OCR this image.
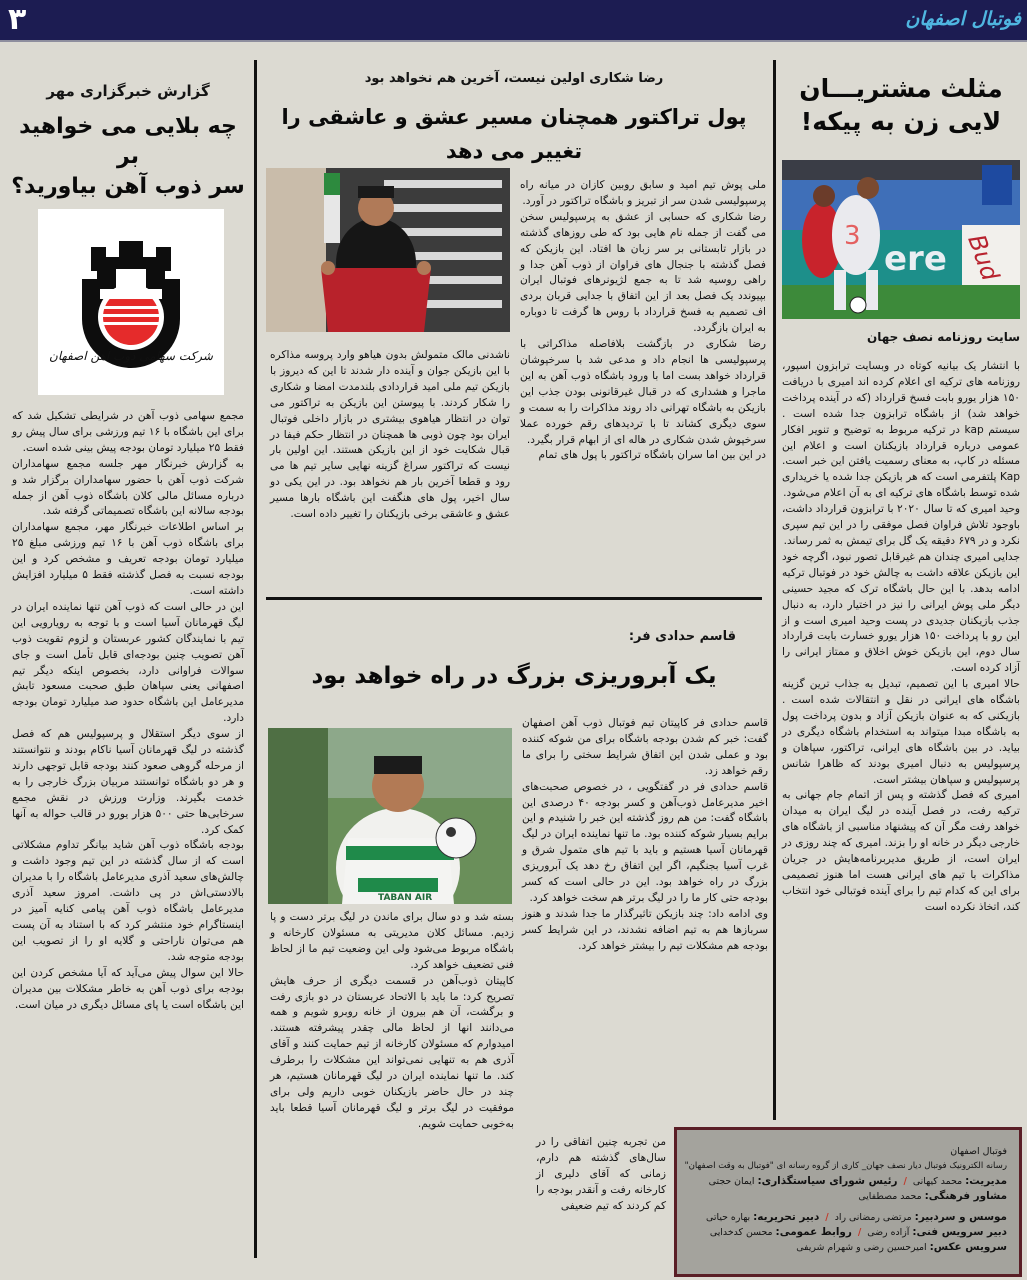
۳	فوتبال اصفهان
مثلث مشتریـــان
لایی زن به پیکه!
Bud
3
ere
سایت روزنامه نصف جهان

با انتشار یک بیانیه کوتاه در وبسایت ترابزون اسپور، روزنامه های ترکیه ای اعلام کرده اند امیری با دریافت ۱۵۰ هزار یورو بابت فسخ قرارداد (که در آینده پرداخت خواهد شد) از باشگاه ترابزون جدا شده است . سیستم kap در ترکیه مربوط به توضیح و تنویر افکار عمومی درباره قرارداد بازیکنان است و اعلام این مسئله در کاپ، به معنای رسمیت یافتن این خبر است. Kap پلتفرمی است که هر بازیکن جدا شده یا خریداری شده توسط باشگاه های ترکیه ای به آن اعلام می‌شود.

وحید امیری که تا سال ۲۰۲۰ با ترابزون قرارداد داشت، باوجود تلاش فراوان فصل موفقی را در این تیم سپری نکرد و در ۶۷۹ دقیقه یک گل برای تیمش به ثمر رساند.

جدایی امیری چندان هم غیرقابل تصور نبود، اگرچه خود این بازیکن علاقه داشت به چالش خود در فوتبال ترکیه ادامه بدهد. با این حال باشگاه ترک که مجید حسینی دیگر ملی پوش ایرانی را نیز در اختیار دارد، به دنبال جذب بازیکنان جدیدی در پست وحید امیری است و از این رو با پرداخت ۱۵۰ هزار یورو خسارت بابت قرارداد سال دوم، این بازیکن خوش اخلاق و ممتاز ایرانی را آزاد کرده است.

حالا امیری با این تصمیم، تبدیل به جذاب ترین گزینه باشگاه های ایرانی در نقل و انتقالات شده است . بازیکنی که به عنوان بازیکن آزاد و بدون پرداخت پول به باشگاه مبدا میتواند به استخدام باشگاه دیگری در بیاید. در بین باشگاه های ایرانی، تراکتور، سپاهان و پرسپولیس به دنبال امیری بودند که ظاهرا شانس پرسپولیس و سپاهان بیشتر است.

امیری که فصل گذشته و پس از اتمام جام جهانی به ترکیه رفت، در فصل آینده در لیگ ایران به میدان خواهد رفت مگر آن که پیشنهاد مناسبی از باشگاه های خارجی دیگر در خانه او را بزند. امیری که چند روزی در ایران است، از طریق مدیربرنامه‌هایش در جریان مذاکرات با تیم های ایرانی هست اما هنوز تصمیمی برای این که کدام تیم را برای آینده فوتبالی خود انتخاب کند، اتخاذ نکرده است

رضا شکاری اولین نیست، آخرین هم نخواهد بود
پول تراکتور همچنان مسیر عشق و عاشقی را تغییر می دهد

ملی پوش تیم امید و سابق روبین کازان در میانه راه پرسپولیسی شدن سر از تبریز و باشگاه تراکتور در آورد.

رضا شکاری که حسابی از عشق به پرسپولیس سخن می گفت از جمله نام هایی بود که طی روزهای گذشته در بازار تابستانی بر سر زبان ها افتاد. این بازیکن که فصل گذشته با جنجال های فراوان از ذوب آهن جدا و راهی روسیه شد تا به جمع لژیونرهای فوتبال ایران بپیوندد یک فصل بعد از این اتفاق با جدایی قربان بردی اف تصمیم به فسخ قرارداد با روس ها گرفت تا دوباره به ایران بازگردد.

رضا شکاری در بازگشت بلافاصله مذاکراتی با پرسپولیسی ها انجام داد و مدعی شد با سرخپوشان قرارداد خواهد بست اما با ورود باشگاه ذوب آهن به این ماجرا و هشداری که در قبال غیرقانونی بودن جذب این بازیکن به باشگاه تهرانی داد روند مذاکرات را به سمت و سوی دیگری کشاند تا با تردیدهای رقم خورده عملا سرخپوش شدن شکاری در هاله ای از ابهام قرار بگیرد.

در این بین اما سران باشگاه تراکتور با پول های تمام

ناشدنی مالک متمولش بدون هیاهو وارد پروسه مذاکره با این بازیکن جوان و آینده دار شدند تا این که دیروز با بازیکن تیم ملی امید قراردادی بلندمدت امضا و شکاری را شکار کردند. با پیوستن این بازیکن به تراکتور می توان در انتظار هیاهوی بیشتری در بازار داخلی فوتبال ایران بود چون ذوبی ها همچنان در انتظار حکم فیفا در قبال شکایت خود از این بازیکن هستند. این اولین بار نیست که تراکتور سراغ گزینه نهایی سایر تیم ها می رود و قطعا آخرین بار هم نخواهد بود. در این یکی دو سال اخیر، پول های هنگفت این باشگاه بارها مسیر عشق و عاشقی برخی بازیکنان را تغییر داده است.

قاسم حدادی فر:
یک آبروریزی بزرگ در راه خواهد بود
TABAN AIR

قاسم حدادی فر کاپیتان تیم فوتبال ذوب آهن اصفهان گفت: خبر کم شدن بودجه باشگاه برای من شوکه کننده بود و عملی شدن این اتفاق شرایط سختی را برای ما رقم خواهد زد.

قاسم حدادی فر در گفتگویی ، در خصوص صحبت‌های اخیر مدیرعامل ذوب‌آهن و کسر بودجه ۴۰ درصدی این باشگاه گفت: من هم روز گذشته این خبر را شنیدم و این برایم بسیار شوکه کننده بود. ما تنها نماینده ایران در لیگ قهرمانان آسیا هستیم و باید با تیم های متمول شرق و غرب آسیا بجنگیم، اگر این اتفاق رخ دهد یک آبروریزی بزرگ در راه خواهد بود. این در حالی است که کسر بودجه حتی کار ما را در لیگ برتر هم سخت خواهد کرد.

وی ادامه داد: چند بازیکن تاثیرگذار ما جدا شدند و هنوز سربازها هم به تیم اضافه نشدند، در این شرایط کسر بودجه هم مشکلات تیم را بیشتر خواهد کرد.

من تجربه چنین اتفاقی را در سال‌های گذشته هم دارم، زمانی که آقای دلیری از کارخانه رفت و آنقدر بودجه را کم کردند که تیم ضعیفی

بسته شد و دو سال برای ماندن در لیگ برتر دست و پا زدیم. مسائل کلان مدیریتی به مسئولان کارخانه و باشگاه مربوط می‌شود ولی این وضعیت تیم ما از لحاظ فنی تضعیف خواهد کرد.

کاپیتان ذوب‌آهن در قسمت دیگری از حرف هایش تصریح کرد: ما باید با الاتحاد عربستان در دو بازی رفت و برگشت، آن هم بیرون از خانه روبرو شویم و همه می‌دانند انها از لحاظ مالی چقدر پیشرفته هستند. امیدوارم که مسئولان کارخانه از تیم حمایت کنند و آقای آذری هم به تنهایی نمی‌تواند این مشکلات را برطرف کند. ما تنها نماینده ایران در لیگ قهرمانان هستیم، هر چند در حال حاضر بازیکنان خوبی داریم ولی برای موفقیت در لیگ برتر و لیگ قهرمانان آسیا قطعا باید به‌خوبی حمایت شویم.

گزارش خبرگزاری مهر
چه بلایی می خواهید بر
سر ذوب آهن بیاورید؟
شرکت سهامی ذوب آهن اصفهان

مجمع سهامی ذوب آهن در شرایطی تشکیل شد که برای این باشگاه با ۱۶ تیم ورزشی برای سال پیش رو فقط ۲۵ میلیارد تومان بودجه پیش بینی شده است.

به گزارش خبرنگار مهر جلسه مجمع سهامداران شرکت ذوب آهن با حضور سهامداران برگزار شد و درباره مسائل مالی کلان باشگاه ذوب آهن از جمله بودجه سالانه این باشگاه تصمیماتی گرفته شد.

بر اساس اطلاعات خبرنگار مهر، مجمع سهامداران برای باشگاه ذوب آهن با ۱۶ تیم ورزشی مبلغ ۲۵ میلیارد تومان بودجه تعریف و مشخص کرد و این بودجه نسبت به فصل گذشته فقط ۵ میلیارد افزایش داشته است.

این در حالی است که ذوب آهن تنها نماینده ایران در لیگ قهرمانان آسیا است و با توجه به رویارویی این تیم با نمایندگان کشور عربستان و لزوم تقویت ذوب آهن تصویب چنین بودجه‌ای قابل تأمل است و جای سوالات فراوانی دارد، بخصوص اینکه دیگر تیم اصفهانی یعنی سپاهان طبق صحبت مسعود تابش مدیرعامل این باشگاه حدود صد میلیارد تومان بودجه دارد.

از سوی دیگر استقلال و پرسپولیس هم که فصل گذشته در لیگ قهرمانان آسیا ناکام بودند و نتوانستند از مرحله گروهی صعود کنند بودجه قابل توجهی دارند و هر دو باشگاه توانستند مربیان بزرگ خارجی را به خدمت بگیرند. وزارت ورزش در نقش مجمع سرخابی‌ها حتی ۵۰۰ هزار یورو در قالب حواله به آنها کمک کرد.

بودجه باشگاه ذوب آهن شاید بیانگر تداوم مشکلاتی است که از سال گذشته در این تیم وجود داشت و چالش‌های سعید آذری مدیرعامل باشگاه را با مدیران بالادستی‌اش در پی داشت. امروز سعید آذری مدیرعامل باشگاه ذوب آهن پیامی کنایه آمیز در اینستاگرام خود منتشر کرد که با استناد به آن پست هم می‌توان ناراحتی و گلایه او را از تصویب این بودجه متوجه شد.

حالا این سوال پیش می‌آید که آیا مشخص کردن این بودجه برای ذوب آهن به خاطر مشکلات بین مدیران این باشگاه است یا پای مسائل دیگری در میان است.

فوتبال اصفهان
رسانه الکترونیک فوتبال دیار نصف جهان_ کاری از گروه رسانه ای "فوتبال به وقت اصفهان"
مدیریت: محمد کیهانی / رئیس شورای سیاستگذاری: ایمان حجتی
مشاور فرهنگی: محمد مصطفایی
موسس و سردبیر: مرتضی رمضانی راد / دبیر تحریریه: بهاره حیاتی
دبیر سرویس فنی: آزاده رضی / روابط عمومی: محسن کدخدایی
سرویس عکس: امیرحسین رضی و شهرام شریفی
